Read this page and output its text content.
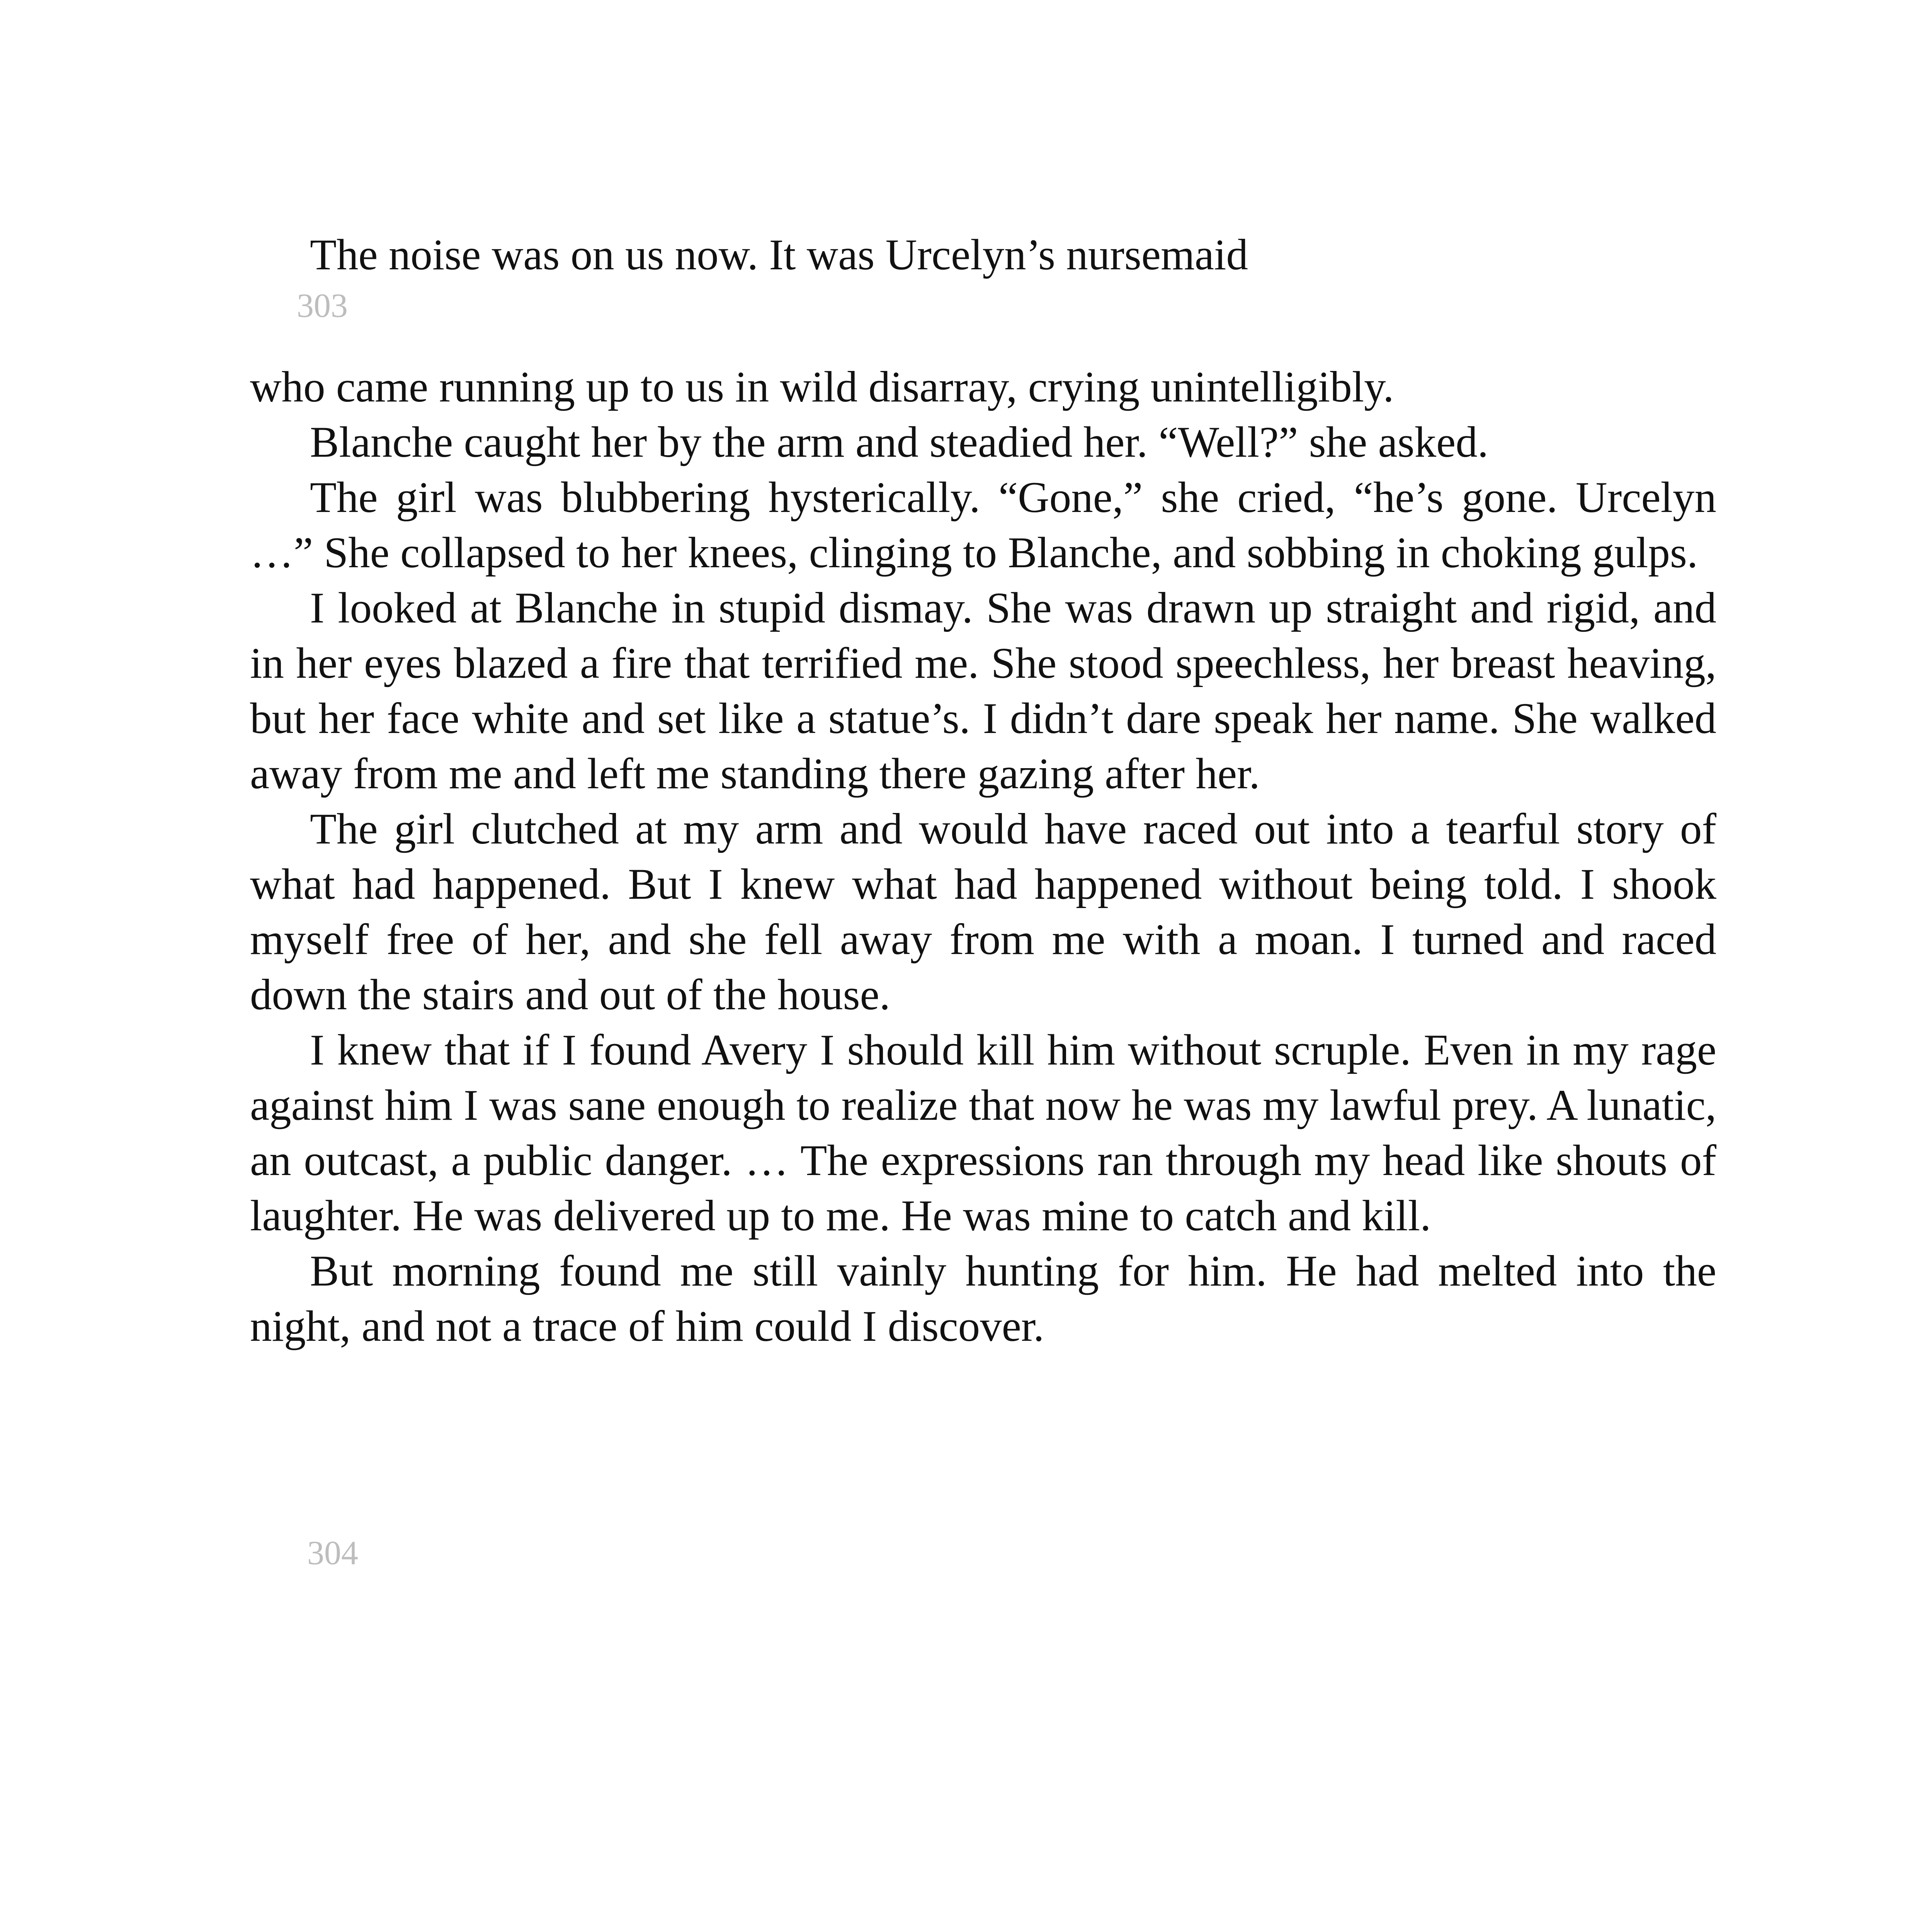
The noise was on us now. It was Urcelyn’s nursemaid

303

who came running up to us in wild disarray, crying unintelligibly.

Blanche caught her by the arm and steadied her. “Well?” she asked.

The girl was blubbering hysterically. “Gone,” she cried, “he’s gone. Urcelyn …” She collapsed to her knees, clinging to Blanche, and sobbing in choking gulps.

I looked at Blanche in stupid dismay. She was drawn up straight and rigid, and in her eyes blazed a fire that terrified me. She stood speechless, her breast heaving, but her face white and set like a statue’s. I didn’t dare speak her name. She walked away from me and left me standing there gazing after her.

The girl clutched at my arm and would have raced out into a tearful story of what had happened. But I knew what had happened without being told. I shook myself free of her, and she fell away from me with a moan. I turned and raced down the stairs and out of the house.

I knew that if I found Avery I should kill him without scruple. Even in my rage against him I was sane enough to realize that now he was my lawful prey. A lunatic, an outcast, a public danger. … The expressions ran through my head like shouts of laughter. He was delivered up to me. He was mine to catch and kill.

But morning found me still vainly hunting for him. He had melted into the night, and not a trace of him could I discover.

304
